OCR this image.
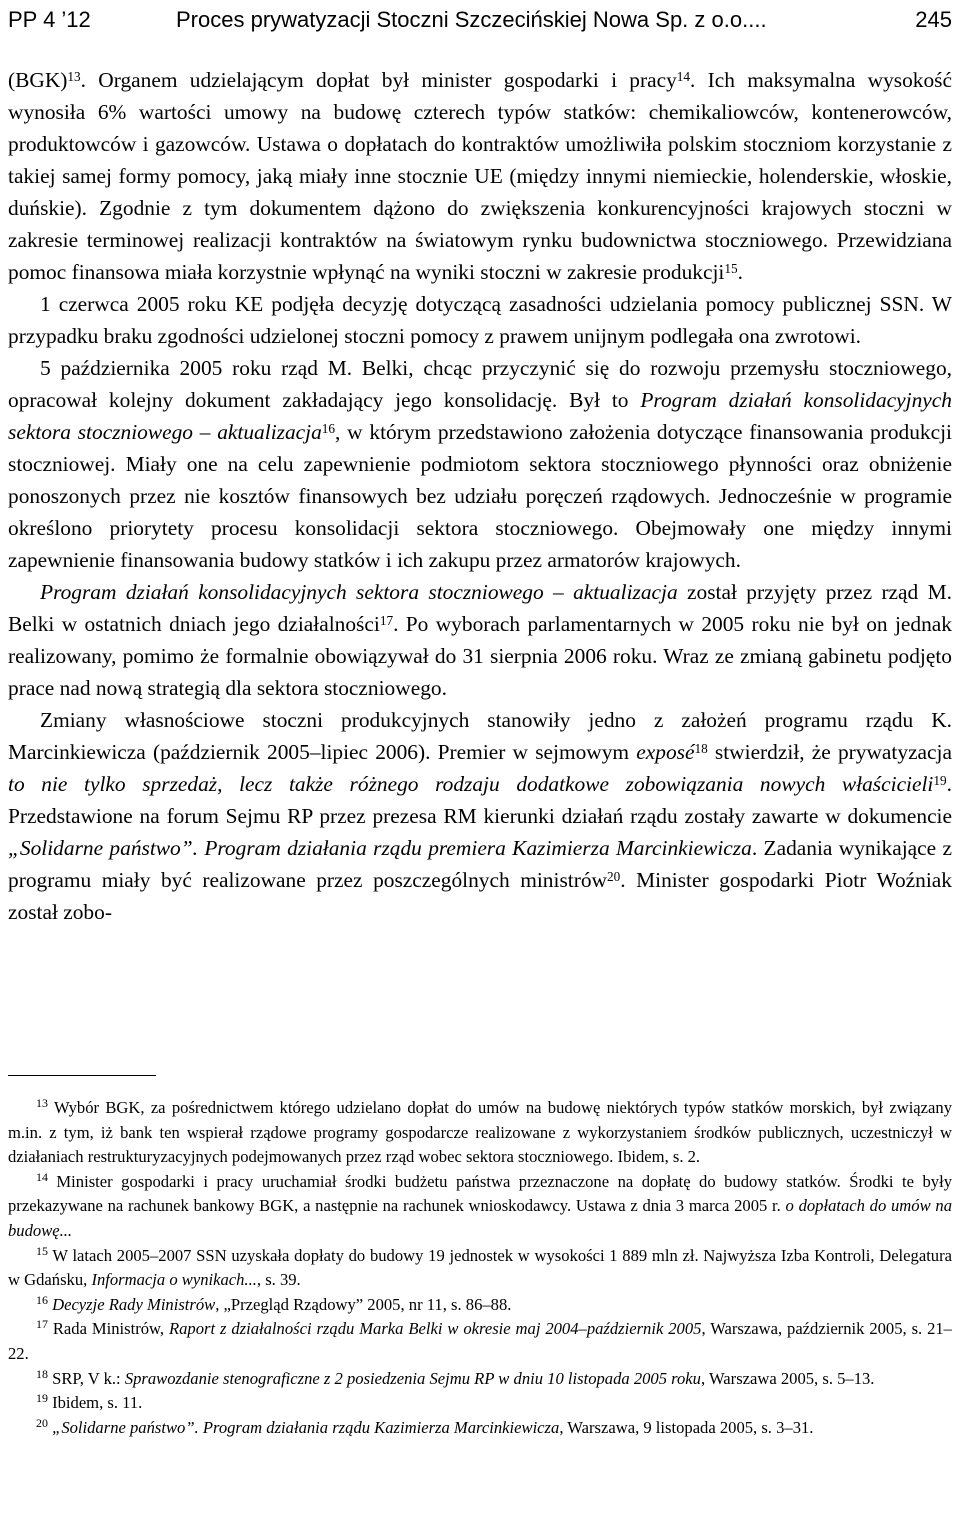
PP 4 ’12	Proces prywatyzacji Stoczni Szczecińskiej Nowa Sp. z o.o....	245

(BGK)$^{13}$. Organem udzielającym dopłat był minister gospodarki i pracy$^{14}$. Ich maksymalna wysokość wynosiła 6% wartości umowy na budowę czterech typów statków: chemikaliowców, kontenerowców, produktowców i gazowców. Ustawa o dopłatach do kontraktów umożliwiła polskim stoczniom korzystanie z takiej samej formy pomocy, jaką miały inne stocznie UE (między innymi niemieckie, holenderskie, włoskie, duńskie). Zgodnie z tym dokumentem dążono do zwiększenia konkurencyjności krajowych stoczni w zakresie terminowej realizacji kontraktów na światowym rynku budownictwa stoczniowego. Przewidziana pomoc finansowa miała korzystnie wpłynąć na wyniki stoczni w zakresie produkcji$^{15}$.

1 czerwca 2005 roku KE podjęła decyzję dotyczącą zasadności udzielania pomocy publicznej SSN. W przypadku braku zgodności udzielonej stoczni pomocy z prawem unijnym podlegała ona zwrotowi.

5 października 2005 roku rząd M. Belki, chcąc przyczynić się do rozwoju przemysłu stoczniowego, opracował kolejny dokument zakładający jego konsolidację. Był to Program działań konsolidacyjnych sektora stoczniowego – aktualizacja$^{16}$, w którym przedstawiono założenia dotyczące finansowania produkcji stoczniowej. Miały one na celu zapewnienie podmiotom sektora stoczniowego płynności oraz obniżenie ponoszonych przez nie kosztów finansowych bez udziału poręczeń rządowych. Jednocześnie w programie określono priorytety procesu konsolidacji sektora stoczniowego. Obejmowały one między innymi zapewnienie finansowania budowy statków i ich zakupu przez armatorów krajowych.

Program działań konsolidacyjnych sektora stoczniowego – aktualizacja został przyjęty przez rząd M. Belki w ostatnich dniach jego działalności$^{17}$. Po wyborach parlamentarnych w 2005 roku nie był on jednak realizowany, pomimo że formalnie obowiązywał do 31 sierpnia 2006 roku. Wraz ze zmianą gabinetu podjęto prace nad nową strategią dla sektora stoczniowego.

Zmiany własnościowe stoczni produkcyjnych stanowiły jedno z założeń programu rządu K. Marcinkiewicza (październik 2005–lipiec 2006). Premier w sejmowym exposé$^{18}$ stwierdził, że prywatyzacja to nie tylko sprzedaż, lecz także różnego rodzaju dodatkowe zobowiązania nowych właścicieli$^{19}$. Przedstawione na forum Sejmu RP przez prezesa RM kierunki działań rządu zostały zawarte w dokumencie „Solidarne państwo”. Program działania rządu premiera Kazimierza Marcinkiewicza. Zadania wynikające z programu miały być realizowane przez poszczególnych ministrów$^{20}$. Minister gospodarki Piotr Woźniak został zobo-

$^{13}$ Wybór BGK, za pośrednictwem którego udzielano dopłat do umów na budowę niektórych typów statków morskich, był związany m.in. z tym, iż bank ten wspierał rządowe programy gospodarcze realizowane z wykorzystaniem środków publicznych, uczestniczył w działaniach restrukturyzacyjnych podejmowanych przez rząd wobec sektora stoczniowego. Ibidem, s. 2.

$^{14}$ Minister gospodarki i pracy uruchamiał środki budżetu państwa przeznaczone na dopłatę do budowy statków. Środki te były przekazywane na rachunek bankowy BGK, a następnie na rachunek wnioskodawcy. Ustawa z dnia 3 marca 2005 r. o dopłatach do umów na budowę...

$^{15}$ W latach 2005–2007 SSN uzyskała dopłaty do budowy 19 jednostek w wysokości 1 889 mln zł. Najwyższa Izba Kontroli, Delegatura w Gdańsku, Informacja o wynikach..., s. 39.

$^{16}$ Decyzje Rady Ministrów, „Przegląd Rządowy” 2005, nr 11, s. 86–88.

$^{17}$ Rada Ministrów, Raport z działalności rządu Marka Belki w okresie maj 2004–październik 2005, Warszawa, październik 2005, s. 21–22.

$^{18}$ SRP, V k.: Sprawozdanie stenograficzne z 2 posiedzenia Sejmu RP w dniu 10 listopada 2005 roku, Warszawa 2005, s. 5–13.

$^{19}$ Ibidem, s. 11.

$^{20}$ „Solidarne państwo”. Program działania rządu Kazimierza Marcinkiewicza, Warszawa, 9 listopada 2005, s. 3–31.
